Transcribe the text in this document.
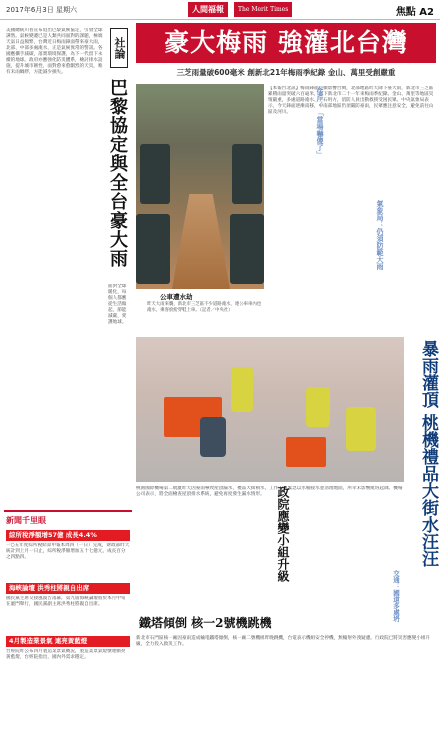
2017年6月3日 星期六	人間福報	The Merit Times	焦點 A2
社論
巴黎協定與全台豪大雨

美國總統川普宣布退出巴黎氣候協定，引發全球譁然。氣候變遷已是人類共同面對的課題，極端天氣日益頻繁，台灣近日梅雨鋒面帶來豪大雨，北部、中部多處淹水，正是氣候異常的警訊。各國應攜手減碳，落實環境保護，為下一代留下永續的地球。政府亦應強化防災體系，檢討排水設施，提升城市韌性，面對愈來愈劇烈的天災，唯有未雨綢繆，方能減少損失。

面對全球暖化，每個人都應從生活做起，節能減碳，愛護地球。

新聞千里眼
綜所稅淨額增57億 成長4.4%
一○五年度綜所稅結算申報本周四（一日）完成，財政部昨天統計到上月一日止，綜所稅淨額增加五十七億元，成長百分之四點四。
海峽論壇 洪秀柱將親自出席
國民黨主席交接風波告落幕，第九屆海峽論壇將於本月中旬在廈門舉行，國民黨副主席洪秀柱將親自出席。
4月製造業景氣 連亮黃藍燈
台經院昨公布四月製造業景氣概況，製造業景氣燈號連續亮黃藍燈，台經院指出，國內外需求穩定。
豪大梅雨 強灌北台灣
三芝雨量破600毫米 創新北21年梅雨季紀錄 金山、萬里受創嚴重
公車遭水劫
昨天大雨來襲，新北市三芝區不少道路淹水，連公車車內也淹水，乘客紛紛穿鞋上車。（記者／中央社）

【本報台北訊】梅雨鋒面持續影響台灣，北部地區昨天降下豪大雨，新北市三芝區累積雨量突破六百毫米，創下新北市二十一年來梅雨季紀錄。金山、萬里等地區災情嚴重，多處道路淹水、土石坍方，消防人員出動救援受困民眾。中央氣象局表示，今天鋒面逐漸南移，中南部地區仍須嚴防豪雨，民眾應注意安全，避免前往山區及河川。	住戶：「當場嚇傻了」
氣象局：仍須防範大雨
暴雨灌頂 桃機禮品大街水汪汪

桃園國際機場第二航廈昨天因豪雨導致屋頂漏水，禮品大街積水，工作人員緊急以水桶接水並清理地面，所幸未影響航班起降。機場公司表示，將全面檢查屋頂排水系統，避免再度發生漏水情形。 政院應變小組升級
交通：國道多處坍

新北市石門區核一廠因豪雨造成輸電鐵塔傾倒，核一廠二號機組昨晚跳機，台電表示機組安全停機，無輻射外洩疑慮。行政院已將災害應變小組升級，全力投入救災工作。

鐵塔傾倒 核一2號機跳機
